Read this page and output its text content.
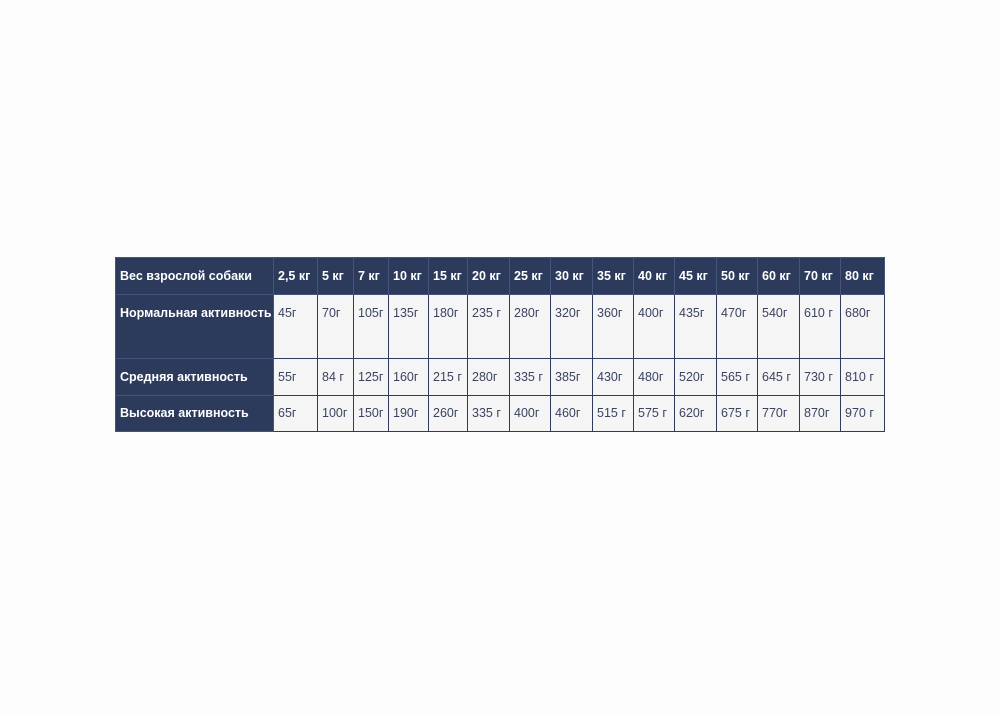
Вес взрослой собаки	2,5 кг	5 кг	7 кг	10 кг	15 кг	20 кг	25 кг	30 кг	35 кг	40 кг	45 кг	50 кг	60 кг	70 кг	80 кг
Нормальная активность	45г	70г	105г	135г	180г	235 г	280г	320г	360г	400г	435г	470г	540г	610 г	680г
Средняя активность	55г	84 г	125г	160г	215 г	280г	335 г	385г	430г	480г	520г	565 г	645 г	730 г	810 г
Высокая активность	65г	100г	150г	190г	260г	335 г	400г	460г	515 г	575 г	620г	675 г	770г	870г	970 г
